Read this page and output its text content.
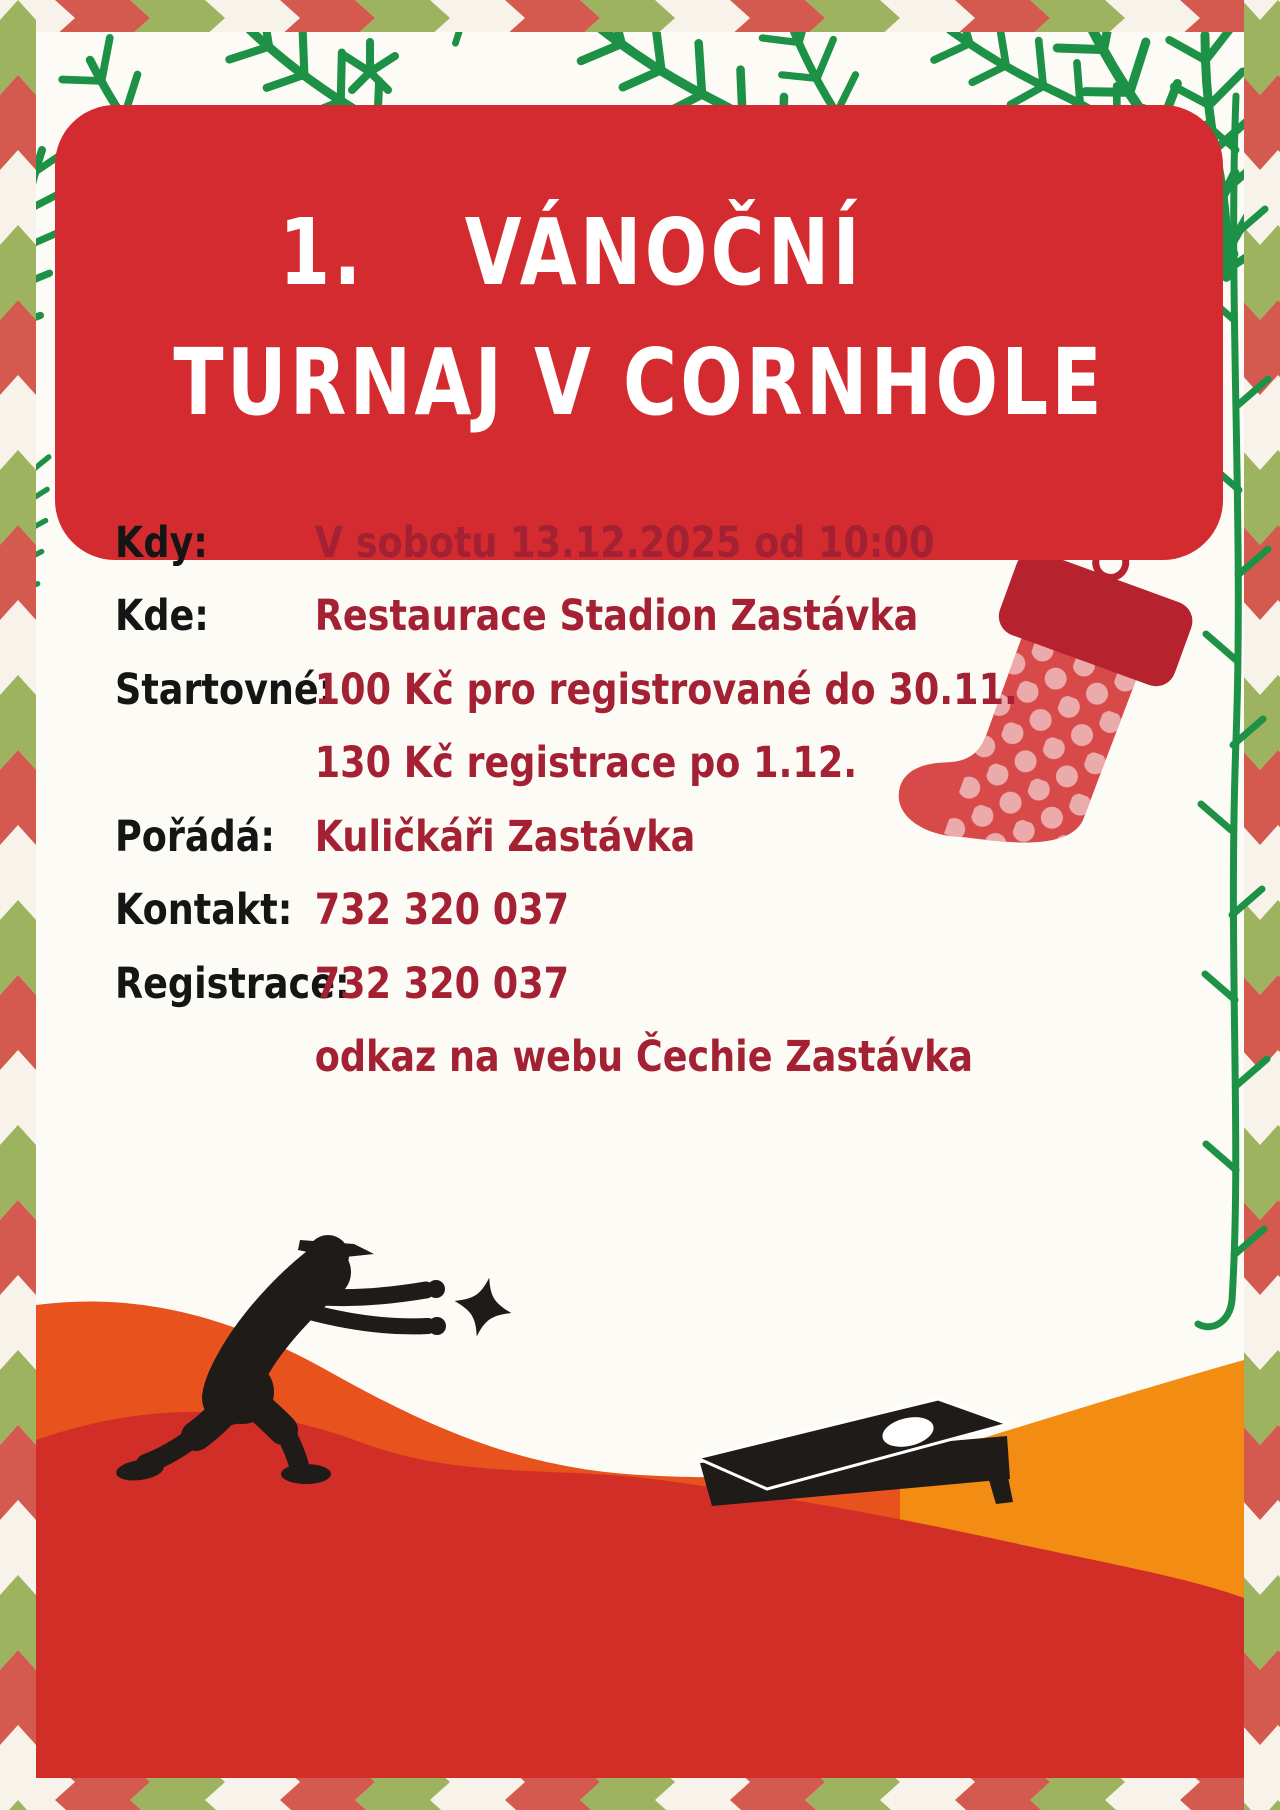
1. VÁNOČNÍ
TURNAJ V CORNHOLE
Kdy:	V sobotu 13.12.2025 od 10:00
Kde:	Restaurace Stadion Zastávka
Startovné:
100 Kč pro registrované do 30.11.
130 Kč registrace po 1.12.
Pořádá: Kuličkáři Zastávka
Kontakt: 732 320 037
Registrace:
732 320 037
odkaz na webu Čechie Zastávka
